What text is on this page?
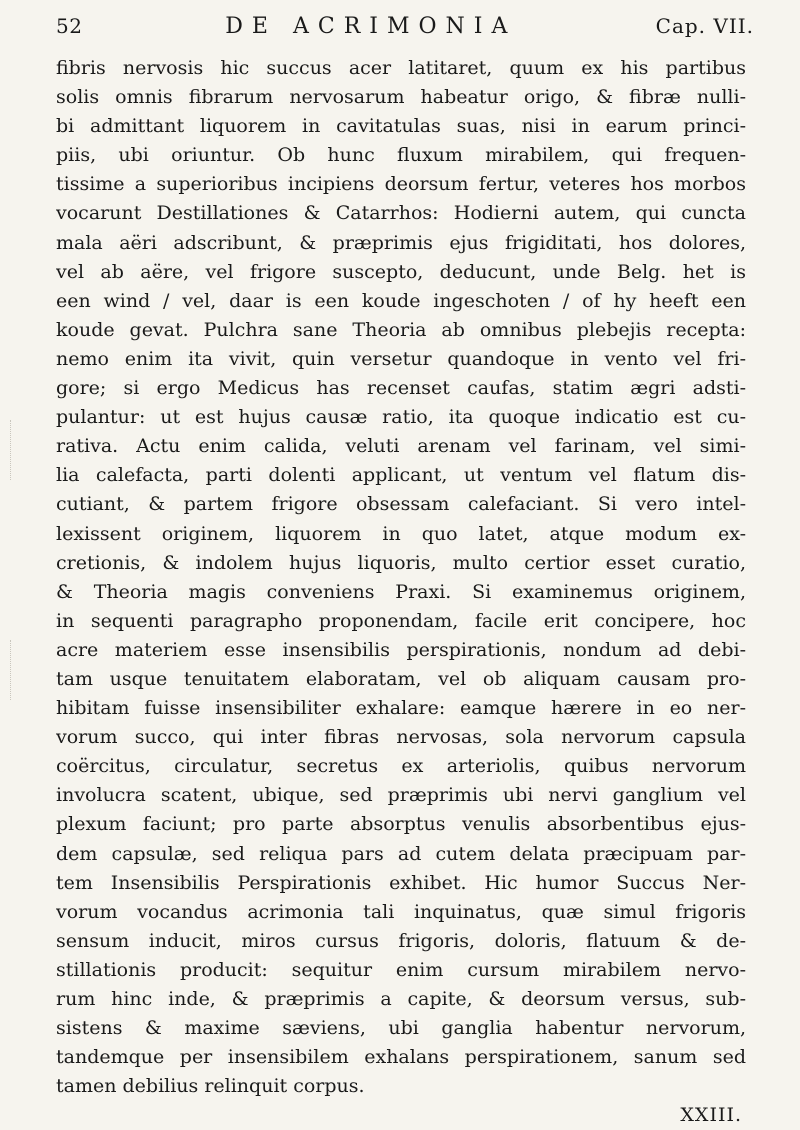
52	DE ACRIMONIA	Cap. VII.
fibris nervosis hic succus acer latitaret, quum ex his partibus
solis omnis fibrarum nervosarum habeatur origo, & fibræ nulli-
bi admittant liquorem in cavitatulas suas, nisi in earum princi-
piis, ubi oriuntur. Ob hunc fluxum mirabilem, qui frequen-
tissime a superioribus incipiens deorsum fertur, veteres hos morbos
vocarunt Destillationes & Catarrhos: Hodierni autem, qui cuncta
mala aëri adscribunt, & præprimis ejus frigiditati, hos dolores,
vel ab aëre, vel frigore suscepto, deducunt, unde Belg. het is
een wind / vel, daar is een koude ingeschoten / of hy heeft een
koude gevat. Pulchra sane Theoria ab omnibus plebejis recepta:
nemo enim ita vivit, quin versetur quandoque in vento vel fri-
gore; si ergo Medicus has recenset caufas, statim ægri adsti-
pulantur: ut est hujus causæ ratio, ita quoque indicatio est cu-
rativa. Actu enim calida, veluti arenam vel farinam, vel simi-
lia calefacta, parti dolenti applicant, ut ventum vel flatum dis-
cutiant, & partem frigore obsessam calefaciant. Si vero intel-
lexissent originem, liquorem in quo latet, atque modum ex-
cretionis, & indolem hujus liquoris, multo certior esset curatio,
& Theoria magis conveniens Praxi. Si examinemus originem,
in sequenti paragrapho proponendam, facile erit concipere, hoc
acre materiem esse insensibilis perspirationis, nondum ad debi-
tam usque tenuitatem elaboratam, vel ob aliquam causam pro-
hibitam fuisse insensibiliter exhalare: eamque hærere in eo ner-
vorum succo, qui inter fibras nervosas, sola nervorum capsula
coërcitus, circulatur, secretus ex arteriolis, quibus nervorum
involucra scatent, ubique, sed præprimis ubi nervi ganglium vel
plexum faciunt; pro parte absorptus venulis absorbentibus ejus-
dem capsulæ, sed reliqua pars ad cutem delata præcipuam par-
tem Insensibilis Perspirationis exhibet. Hic humor Succus Ner-
vorum vocandus acrimonia tali inquinatus, quæ simul frigoris
sensum inducit, miros cursus frigoris, doloris, flatuum & de-
stillationis producit: sequitur enim cursum mirabilem nervo-
rum hinc inde, & præprimis a capite, & deorsum versus, sub-
sistens & maxime sæviens, ubi ganglia habentur nervorum,
tandemque per insensibilem exhalans perspirationem, sanum sed
tamen debilius relinquit corpus.
XXIII.
